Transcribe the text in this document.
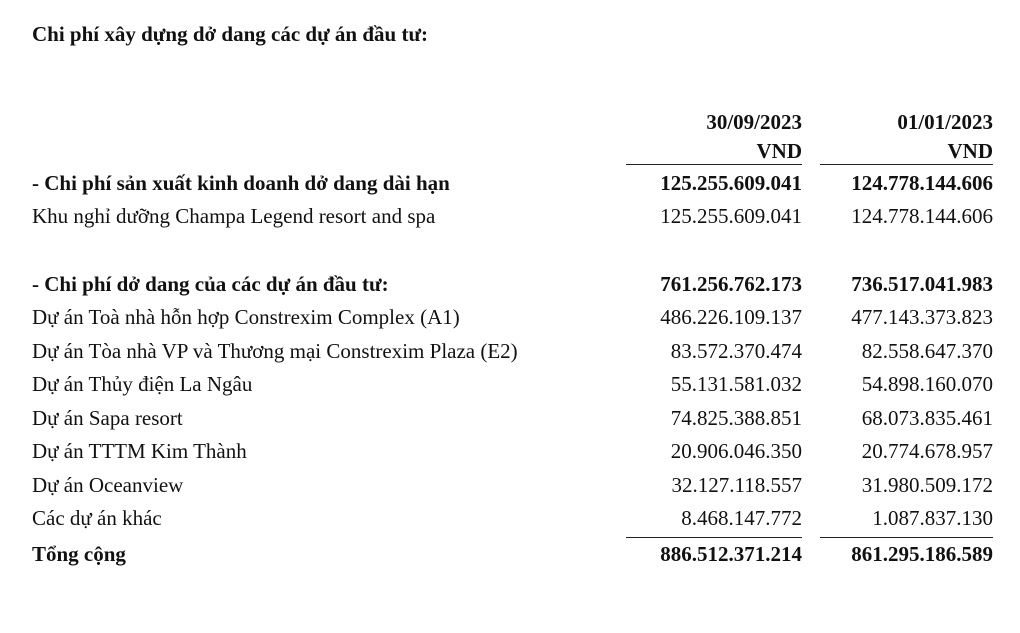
Chi phí xây dựng dở dang các dự án đầu tư:
30/09/2023
VND
01/01/2023
VND
- Chi phí sản xuất kinh doanh dở dang dài hạn	125.255.609.041 124.778.144.606
Khu nghỉ dưỡng Champa Legend resort and spa	125.255.609.041 124.778.144.606
- Chi phí dở dang của các dự án đầu tư:	761.256.762.173 736.517.041.983
Dự án Toà nhà hỗn hợp Constrexim Complex (A1)	486.226.109.137 477.143.373.823
Dự án Tòa nhà VP và Thương mại Constrexim Plaza (E2)	83.572.370.474	82.558.647.370
Dự án Thủy điện La Ngâu	55.131.581.032	54.898.160.070
Dự án Sapa resort	74.825.388.851	68.073.835.461
Dự án TTTM Kim Thành	20.906.046.350	20.774.678.957
Dự án Oceanview	32.127.118.557	31.980.509.172
Các dự án khác	8.468.147.772	1.087.837.130
Tổng cộng	886.512.371.214 861.295.186.589
